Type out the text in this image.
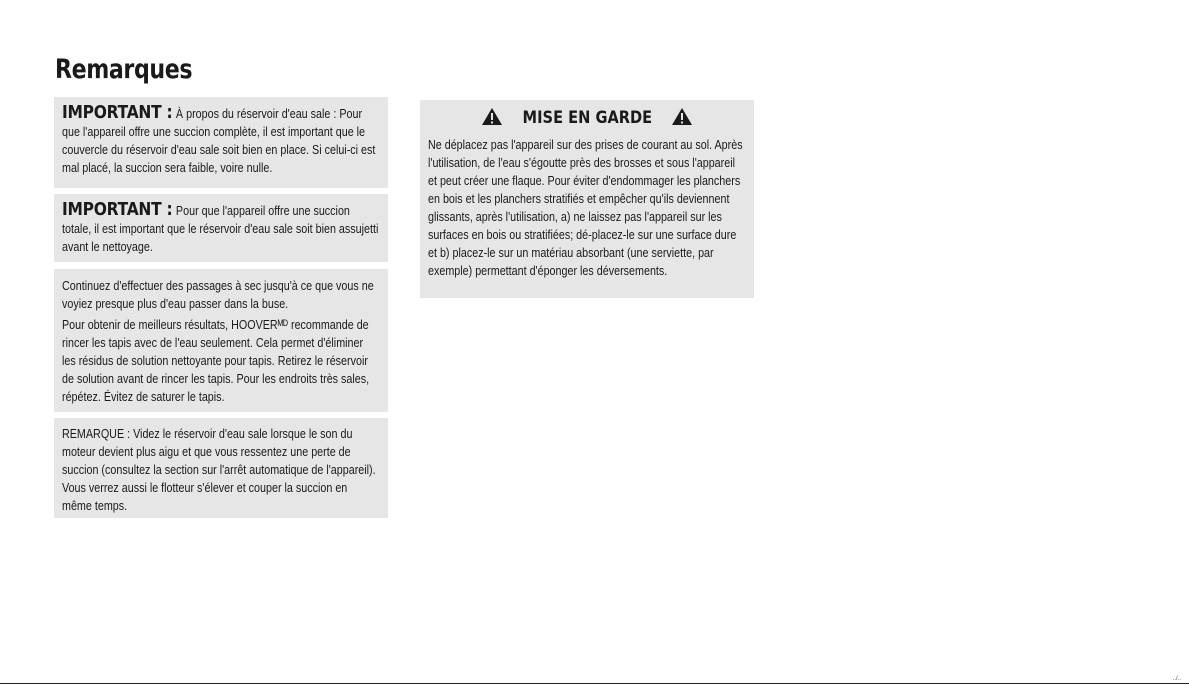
Remarques

IMPORTANT : À propos du réservoir d'eau sale : Pour que l'appareil offre une succion complète, il est important que le couvercle du réservoir d'eau sale soit bien en place. Si celui-ci est mal placé, la succion sera faible, voire nulle.

IMPORTANT : Pour que l'appareil offre une succion totale, il est important que le réservoir d'eau sale soit bien assujetti avant le nettoyage.

Continuez d'effectuer des passages à sec jusqu'à ce que vous ne voyiez presque plus d'eau passer dans la buse.

Pour obtenir de meilleurs résultats, HOOVERᴹᴰ recommande de rincer les tapis avec de l'eau seulement. Cela permet d'éliminer les résidus de solution nettoyante pour tapis. Retirez le réservoir de solution avant de rincer les tapis. Pour les endroits très sales, répétez. Évitez de saturer le tapis.

REMARQUE : Videz le réservoir d'eau sale lorsque le son du moteur devient plus aigu et que vous ressentez une perte de succion (consultez la section sur l'arrêt automatique de l'appareil). Vous verrez aussi le flotteur s'élever et couper la succion en même temps.

MISE EN GARDE

Ne déplacez pas l'appareil sur des prises de courant au sol. Après l'utilisation, de l'eau s'égoutte près des brosses et sous l'appareil et peut créer une flaque. Pour éviter d'endommager les planchers en bois et les planchers stratifiés et empêcher qu'ils deviennent glissants, après l'utilisation, a) ne laissez pas l'appareil sur les surfaces en bois ou stratifiées; dé-placez-le sur une surface dure et b) placez-le sur un matériau absorbant (une serviette, par exemple) permettant d'éponger les déversements.

../..
